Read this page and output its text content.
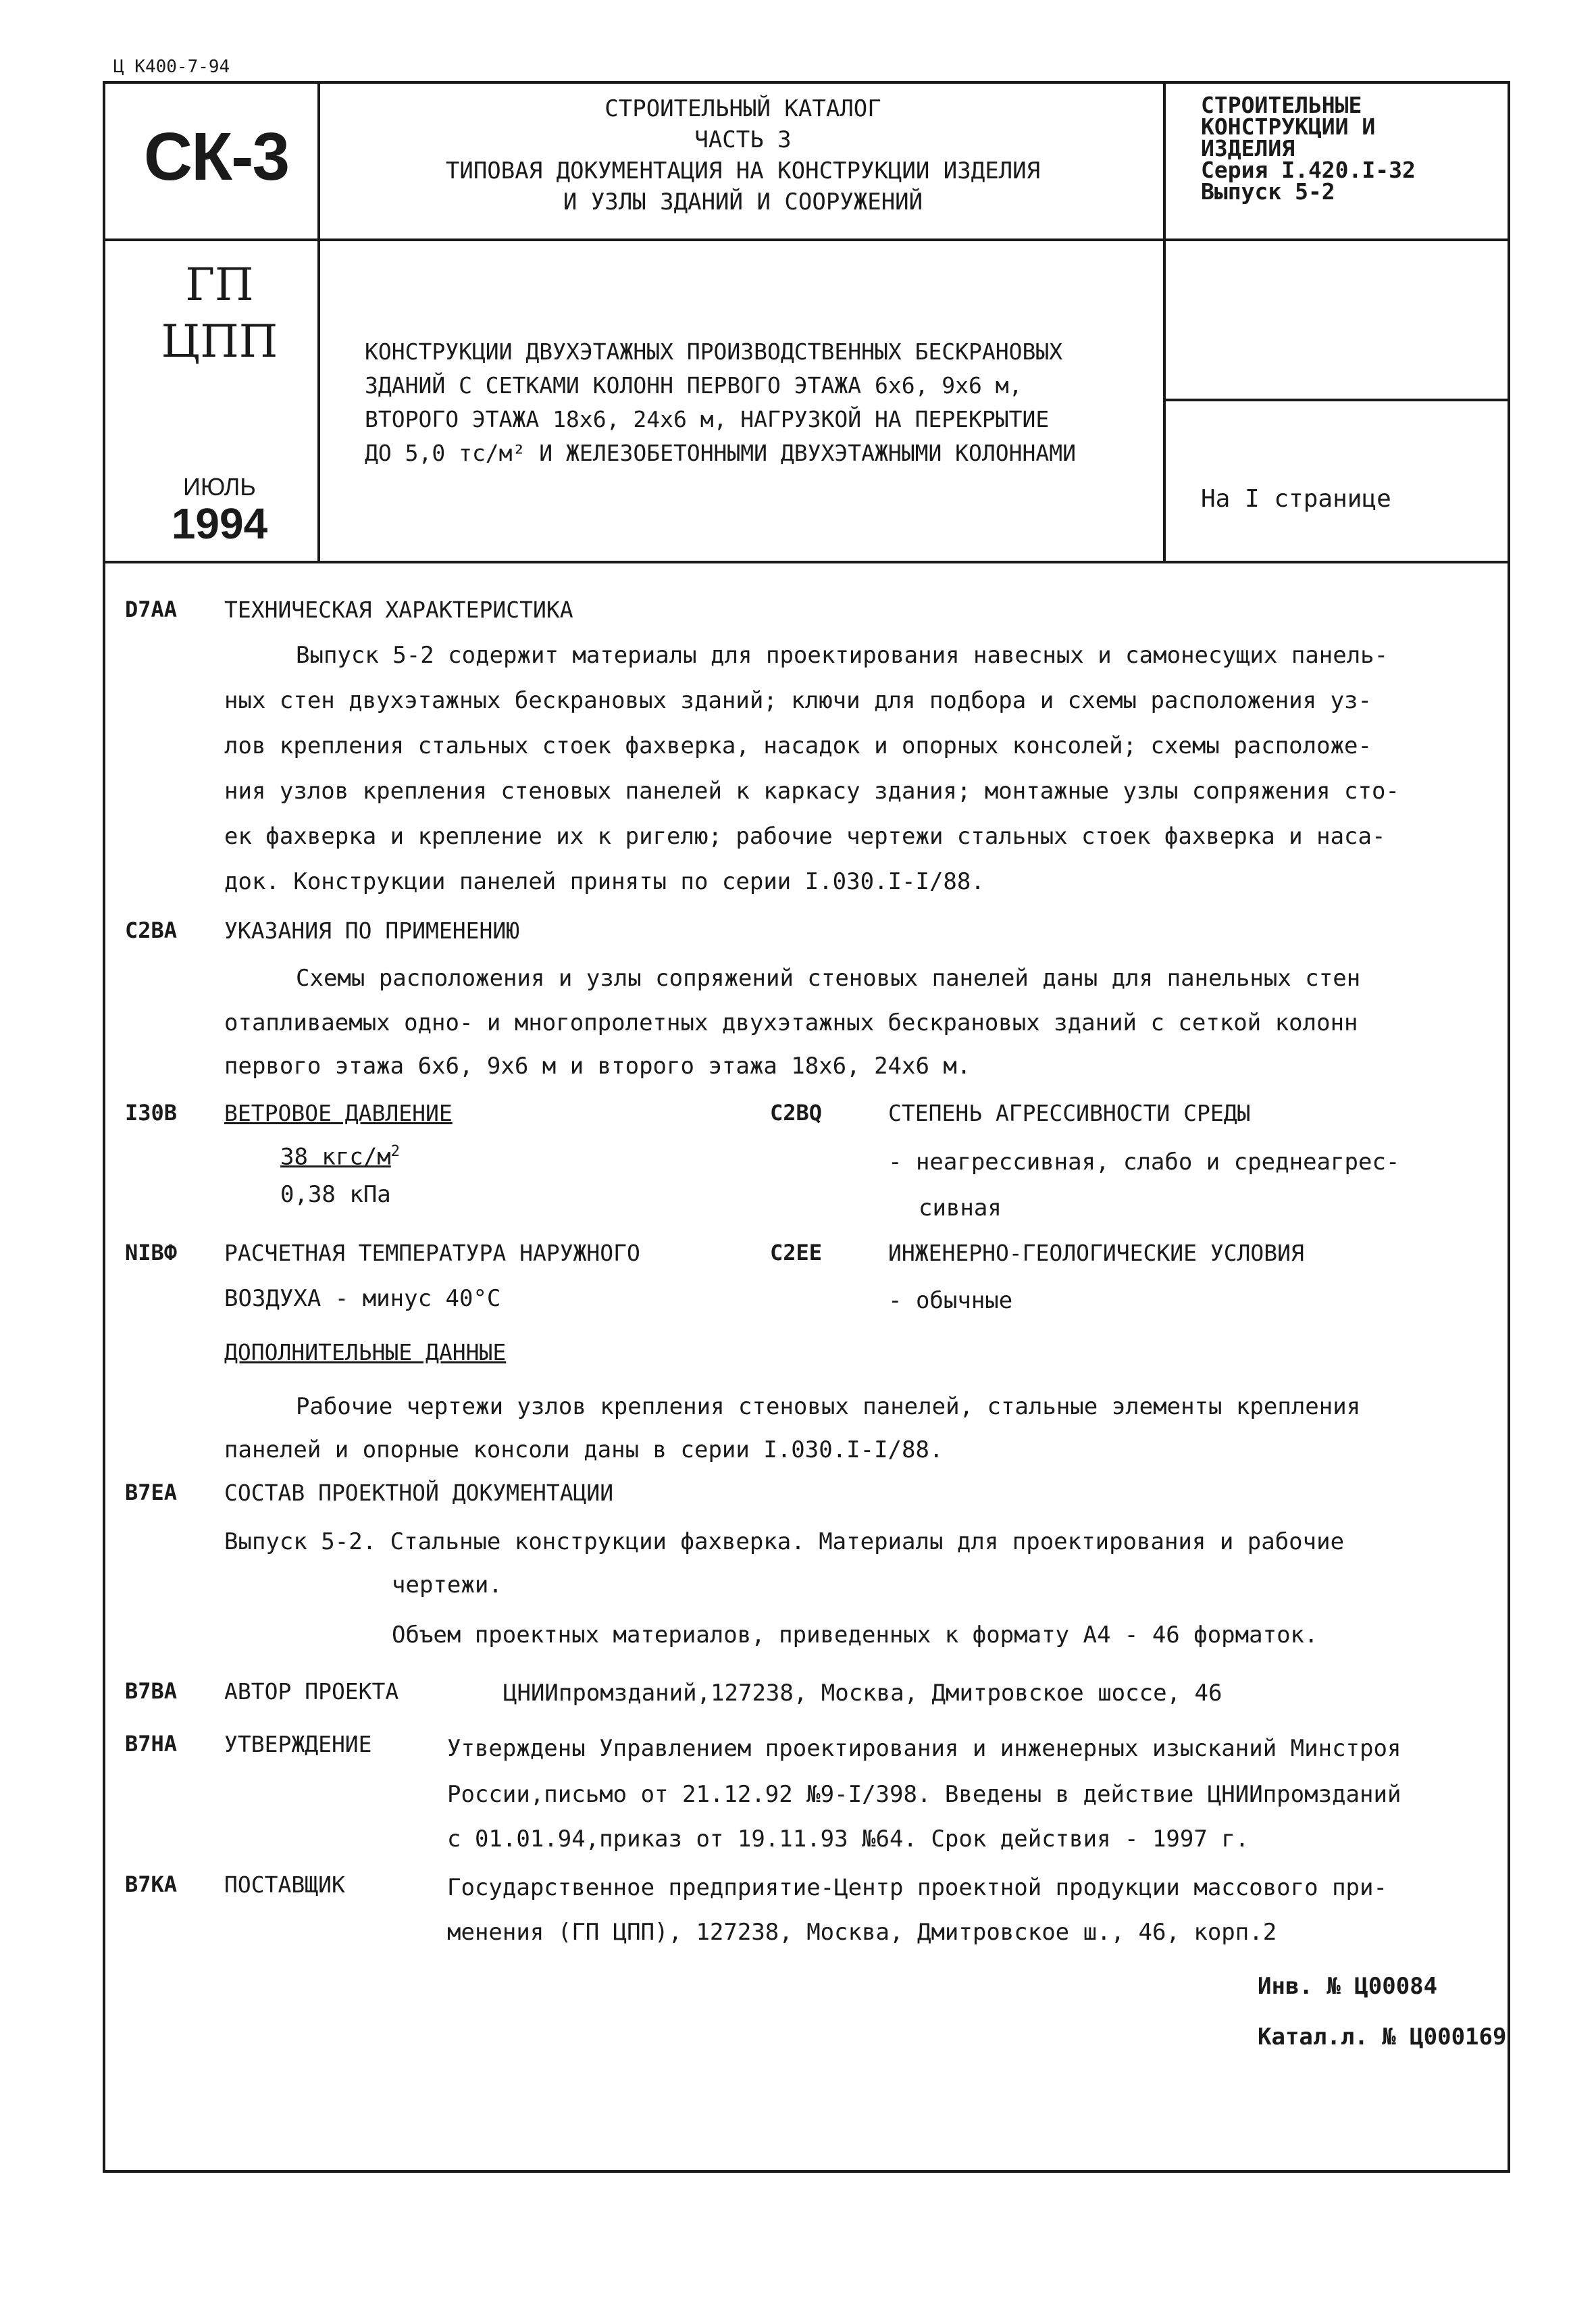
Ц К400-7-94
СК-3
СТРОИТЕЛЬНЫЙ КАТАЛОГ
ЧАСТЬ 3
ТИПОВАЯ ДОКУМЕНТАЦИЯ НА КОНСТРУКЦИИ ИЗДЕЛИЯ
И УЗЛЫ ЗДАНИЙ И СООРУЖЕНИЙ
СТРОИТЕЛЬНЫЕ
КОНСТРУКЦИИ И
ИЗДЕЛИЯ
Серия I.420.I-32
Выпуск 5-2
ГП
ЦПП
ИЮЛЬ
1994
КОНСТРУКЦИИ ДВУХЭТАЖНЫХ ПРОИЗВОДСТВЕННЫХ БЕСКРАНОВЫХ
ЗДАНИЙ С СЕТКАМИ КОЛОНН ПЕРВОГО ЭТАЖА 6х6, 9х6 м,
ВТОРОГО ЭТАЖА 18х6, 24х6 м, НАГРУЗКОЙ НА ПЕРЕКРЫТИЕ
ДО 5,0 тс/м² И ЖЕЛЕЗОБЕТОННЫМИ ДВУХЭТАЖНЫМИ КОЛОННАМИ
На I странице
D7AA ТЕХНИЧЕСКАЯ ХАРАКТЕРИСТИКА
Выпуск 5-2 содержит материалы для проектирования навесных и самонесущих панель-
ных стен двухэтажных бескрановых зданий; ключи для подбора и схемы расположения уз-
лов крепления стальных стоек фахверка, насадок и опорных консолей; схемы расположе-
ния узлов крепления стеновых панелей к каркасу здания; монтажные узлы сопряжения сто-
ек фахверка и крепление их к ригелю; рабочие чертежи стальных стоек фахверка и наса-
док. Конструкции панелей приняты по серии I.030.I-I/88.
C2BA УКАЗАНИЯ ПО ПРИМЕНЕНИЮ
Схемы расположения и узлы сопряжений стеновых панелей даны для панельных стен
отапливаемых одно- и многопролетных двухэтажных бескрановых зданий с сеткой колонн
первого этажа 6х6, 9х6 м и второго этажа 18х6, 24х6 м.
I30B ВЕТРОВОЕ ДАВЛЕНИЕ
38 кгс/$м^2$
0,38 кПа
C2BQ	СТЕПЕНЬ АГРЕССИВНОСТИ СРЕДЫ
- неагрессивная, слабо и среднеагрес-
сивная
NIBФ РАСЧЕТНАЯ ТЕМПЕРАТУРА НАРУЖНОГО
ВОЗДУХА - минус 40°С
C2EE	ИНЖЕНЕРНО-ГЕОЛОГИЧЕСКИЕ УСЛОВИЯ
- обычные
ДОПОЛНИТЕЛЬНЫЕ ДАННЫЕ
Рабочие чертежи узлов крепления стеновых панелей, стальные элементы крепления
панелей и опорные консоли даны в серии I.030.I-I/88.
B7EA СОСТАВ ПРОЕКТНОЙ ДОКУМЕНТАЦИИ
Выпуск 5-2. Стальные конструкции фахверка. Материалы для проектирования и рабочие
чертежи.
Объем проектных материалов, приведенных к формату А4 - 46 форматок.
B7BA АВТОР ПРОЕКТА	ЦНИИпромзданий,127238, Москва, Дмитровское шоссе, 46
B7HA УТВЕРЖДЕНИЕ	Утверждены Управлением проектирования и инженерных изысканий Минстроя
России,письмо от 21.12.92 №9-I/398. Введены в действие ЦНИИпромзданий
с 01.01.94,приказ от 19.11.93 №64. Срок действия - 1997 г.
B7KA ПОСТАВЩИК	Государственное предприятие-Центр проектной продукции массового при-
менения (ГП ЦПП), 127238, Москва, Дмитровское ш., 46, корп.2
Инв. № Ц00084
Катал.л. № Ц000169
